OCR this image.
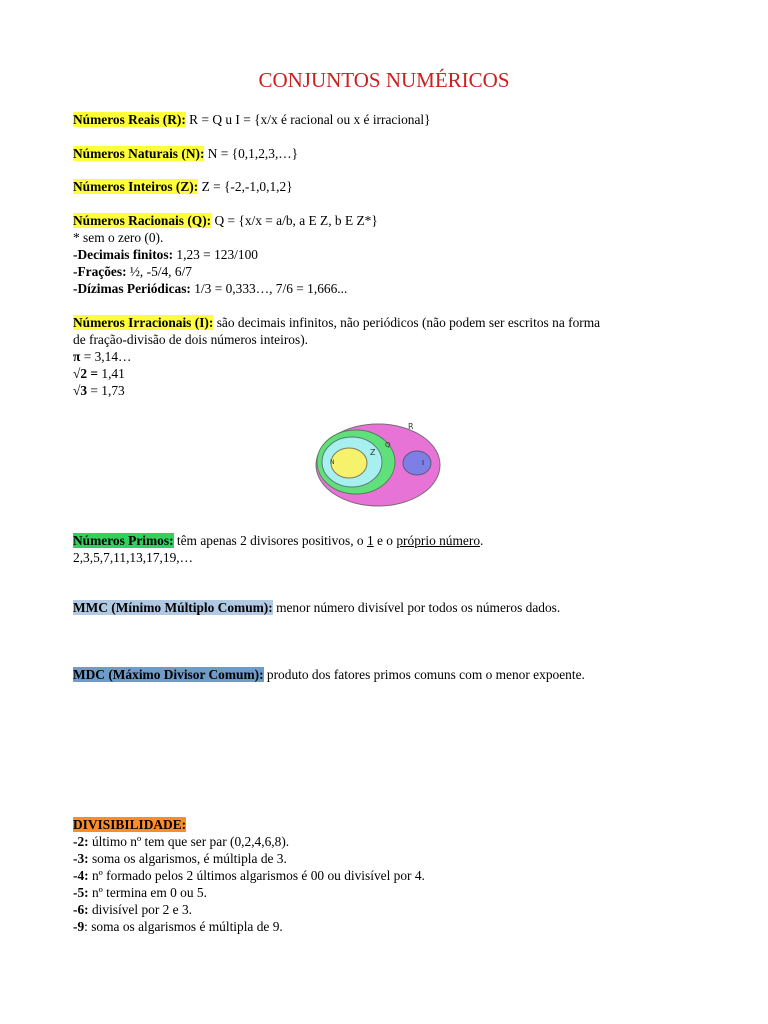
CONJUNTOS NUMÉRICOS
Números Reais (R): R = Q u I = {x/x é racional ou x é irracional}
Números Naturais (N): N = {0,1,2,3,…}
Números Inteiros (Z): Z = {-2,-1,0,1,2}
Números Racionais (Q): Q = {x/x = a/b, a E Z, b E Z*}
* sem o zero (0).
-Decimais finitos: 1,23 = 123/100
-Frações: ½, -5/4, 6/7
-Dízimas Periódicas: 1/3 = 0,333…, 7/6 = 1,666...
Números Irracionais (I): são decimais infinitos, não periódicos (não podem ser escritos na forma
de fração-divisão de dois números inteiros).
π = 3,14…
√2 = 1,41
√3 = 1,73
R
Q
Z
N	I
Números Primos: têm apenas 2 divisores positivos, o 1 e o próprio número.
2,3,5,7,11,13,17,19,…
MMC (Mínimo Múltiplo Comum): menor número divisível por todos os números dados.
MDC (Máximo Divisor Comum): produto dos fatores primos comuns com o menor expoente.
DIVISIBILIDADE:
-2: último nº tem que ser par (0,2,4,6,8).
-3: soma os algarismos, é múltipla de 3.
-4: nº formado pelos 2 últimos algarismos é 00 ou divisível por 4.
-5: nº termina em 0 ou 5.
-6: divisível por 2 e 3.
-9: soma os algarismos é múltipla de 9.
